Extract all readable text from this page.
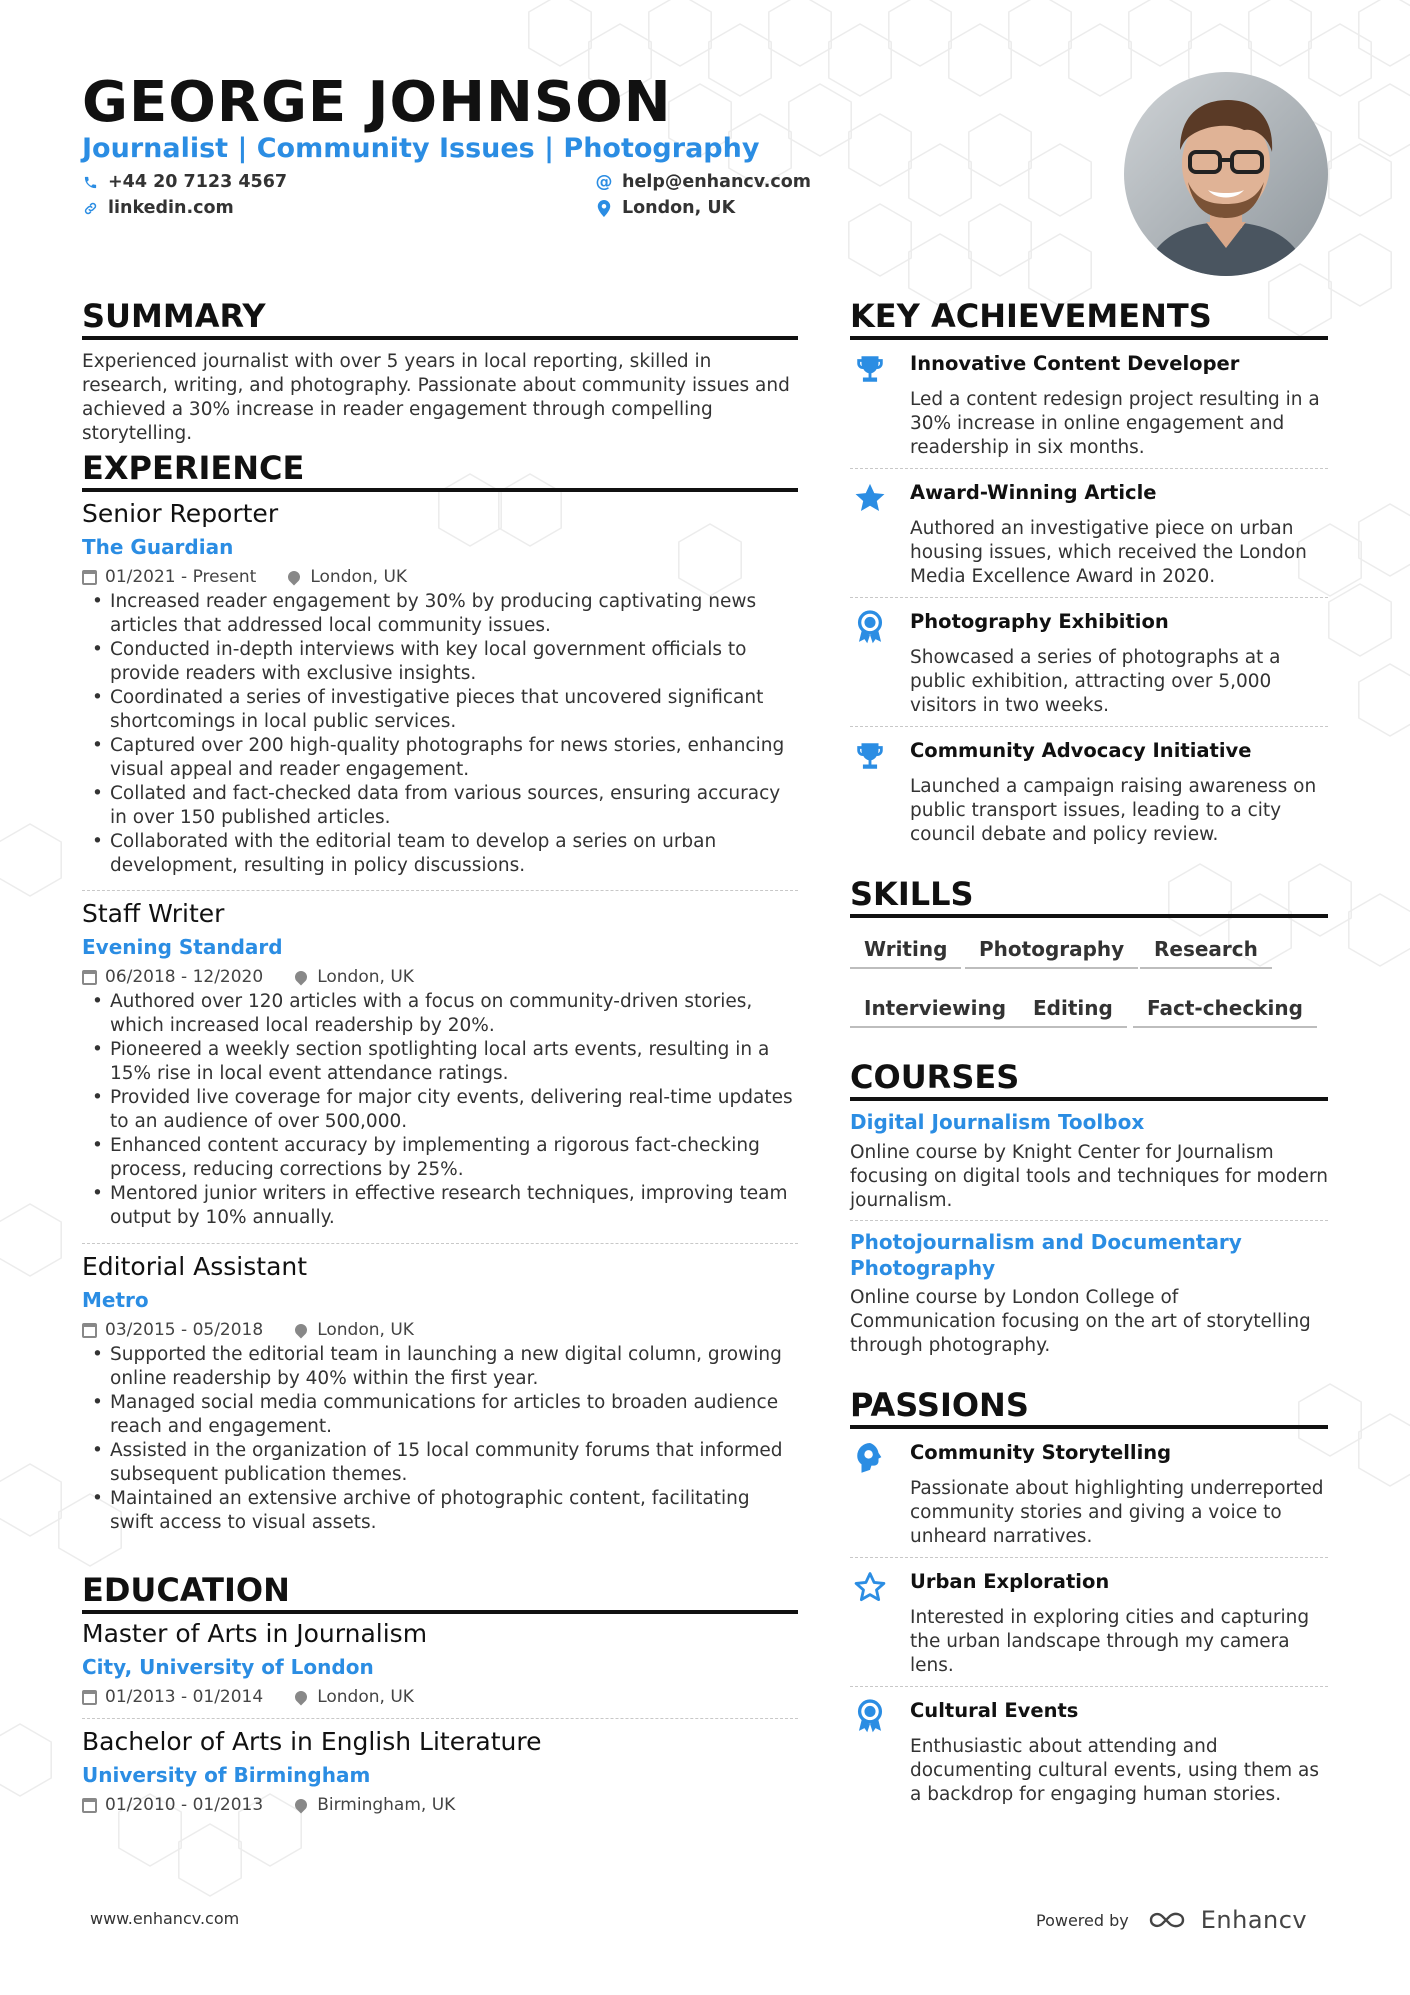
GEORGE JOHNSON
Journalist | Community Issues | Photography
+44 20 7123 4567	@ help@enhancv.com
linkedin.com	London, UK
SUMMARY
Experienced journalist with over 5 years in local reporting, skilled in research, writing, and photography. Passionate about community issues and achieved a 30% increase in reader engagement through compelling storytelling.
EXPERIENCE
Senior Reporter
The Guardian
01/2021 - Present	London, UK
• Increased reader engagement by 30% by producing captivating news articles that addressed local community issues.
• Conducted in-depth interviews with key local government officials to provide readers with exclusive insights.
• Coordinated a series of investigative pieces that uncovered significant shortcomings in local public services.
• Captured over 200 high-quality photographs for news stories, enhancing visual appeal and reader engagement.
• Collated and fact-checked data from various sources, ensuring accuracy in over 150 published articles.
• Collaborated with the editorial team to develop a series on urban development, resulting in policy discussions.
Staff Writer
Evening Standard
06/2018 - 12/2020	London, UK
• Authored over 120 articles with a focus on community-driven stories, which increased local readership by 20%.
• Pioneered a weekly section spotlighting local arts events, resulting in a 15% rise in local event attendance ratings.
• Provided live coverage for major city events, delivering real-time updates to an audience of over 500,000.
• Enhanced content accuracy by implementing a rigorous fact-checking process, reducing corrections by 25%.
• Mentored junior writers in effective research techniques, improving team output by 10% annually.
Editorial Assistant
Metro
03/2015 - 05/2018	London, UK
• Supported the editorial team in launching a new digital column, growing online readership by 40% within the first year.
• Managed social media communications for articles to broaden audience reach and engagement.
• Assisted in the organization of 15 local community forums that informed subsequent publication themes.
• Maintained an extensive archive of photographic content, facilitating swift access to visual assets.
EDUCATION
Master of Arts in Journalism
City, University of London
01/2013 - 01/2014	London, UK
Bachelor of Arts in English Literature
University of Birmingham
01/2010 - 01/2013	Birmingham, UK
KEY ACHIEVEMENTS
Innovative Content Developer
Led a content redesign project resulting in a 30% increase in online engagement and readership in six months.
Award-Winning Article
Authored an investigative piece on urban housing issues, which received the London Media Excellence Award in 2020.
Photography Exhibition
Showcased a series of photographs at a public exhibition, attracting over 5,000 visitors in two weeks.
Community Advocacy Initiative
Launched a campaign raising awareness on public transport issues, leading to a city council debate and policy review.
SKILLS
Writing	Photography	Research
Interviewing	Editing	Fact-checking
COURSES
Digital Journalism Toolbox
Online course by Knight Center for Journalism focusing on digital tools and techniques for modern journalism.
Photojournalism and Documentary Photography
Online course by London College of Communication focusing on the art of storytelling through photography.
PASSIONS
Community Storytelling
Passionate about highlighting underreported community stories and giving a voice to unheard narratives.
Urban Exploration
Interested in exploring cities and capturing the urban landscape through my camera lens.
Cultural Events
Enthusiastic about attending and documenting cultural events, using them as a backdrop for engaging human stories.
www.enhancv.com	Powered by	Enhancv
